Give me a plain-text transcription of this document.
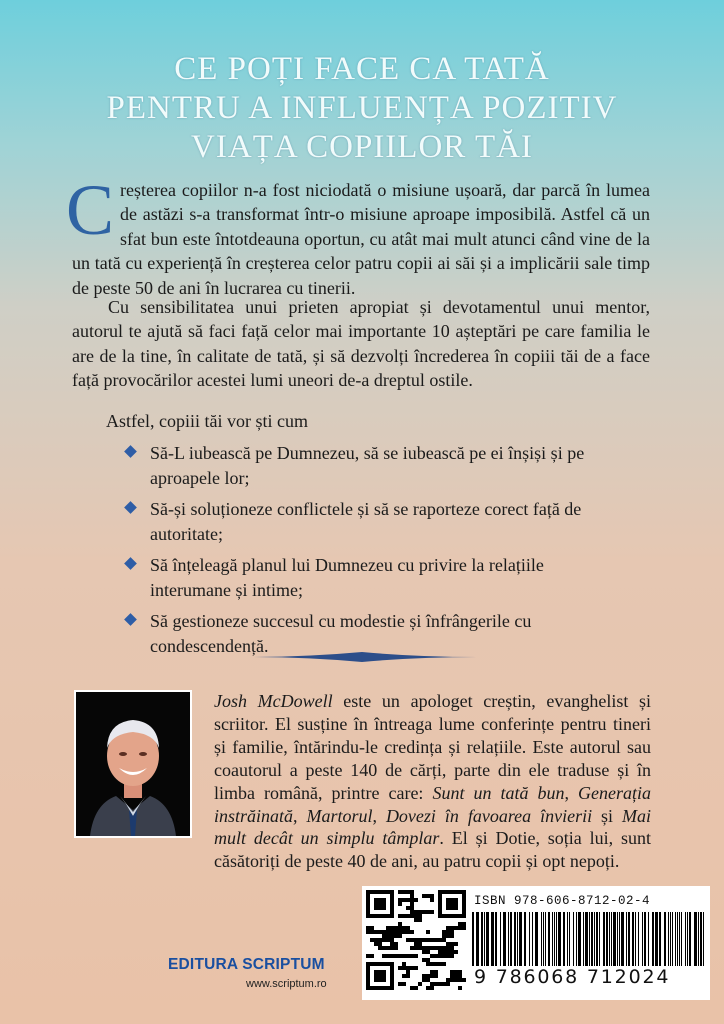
CE POȚI FACE CA TATĂ
PENTRU A INFLUENȚA POZITIV
VIAȚA COPIILOR TĂI
Creșterea copiilor n-a fost niciodată o misiune ușoară, dar parcă în lumea de astăzi s-a transformat într-o misiune aproape imposibilă. Astfel că un sfat bun este întotdeauna oportun, cu atât mai mult atunci când vine de la un tată cu experiență în creșterea celor patru copii ai săi și a implicării sale timp de peste 50 de ani în lucrarea cu tinerii.
Cu sensibilitatea unui prieten apropiat și devotamentul unui mentor, autorul te ajută să faci față celor mai importante 10 așteptări pe care familia le are de la tine, în calitate de tată, și să dezvolți încrederea în copiii tăi de a face față provocărilor acestei lumi uneori de-a dreptul ostile.
Astfel, copiii tăi vor ști cum
Să-L iubească pe Dumnezeu, să se iubească pe ei înșiși și pe aproapele lor;
Să-și soluționeze conflictele și să se raporteze corect față de autoritate;
Să înțeleagă planul lui Dumnezeu cu privire la relațiile interumane și intime;
Să gestioneze succesul cu modestie și înfrângerile cu condescendență.
Josh McDowell este un apologet creștin, evanghelist și scriitor. El susține în întreaga lume conferințe pentru tineri și familie, întărindu-le credința și relațiile. Este autorul sau coautorul a peste 140 de cărți, parte din ele traduse și în limba română, printre care: Sunt un tată bun, Generația instrăinată, Martorul, Dovezi în favoarea învierii și Mai mult decât un simplu tâmplar. El și Dotie, soția lui, sunt căsătoriți de peste 40 de ani, au patru copii și opt nepoți.
EDITURA SCRIPTUM
www.scriptum.ro
ISBN 978-606-8712-02-4
9 786068 712024
